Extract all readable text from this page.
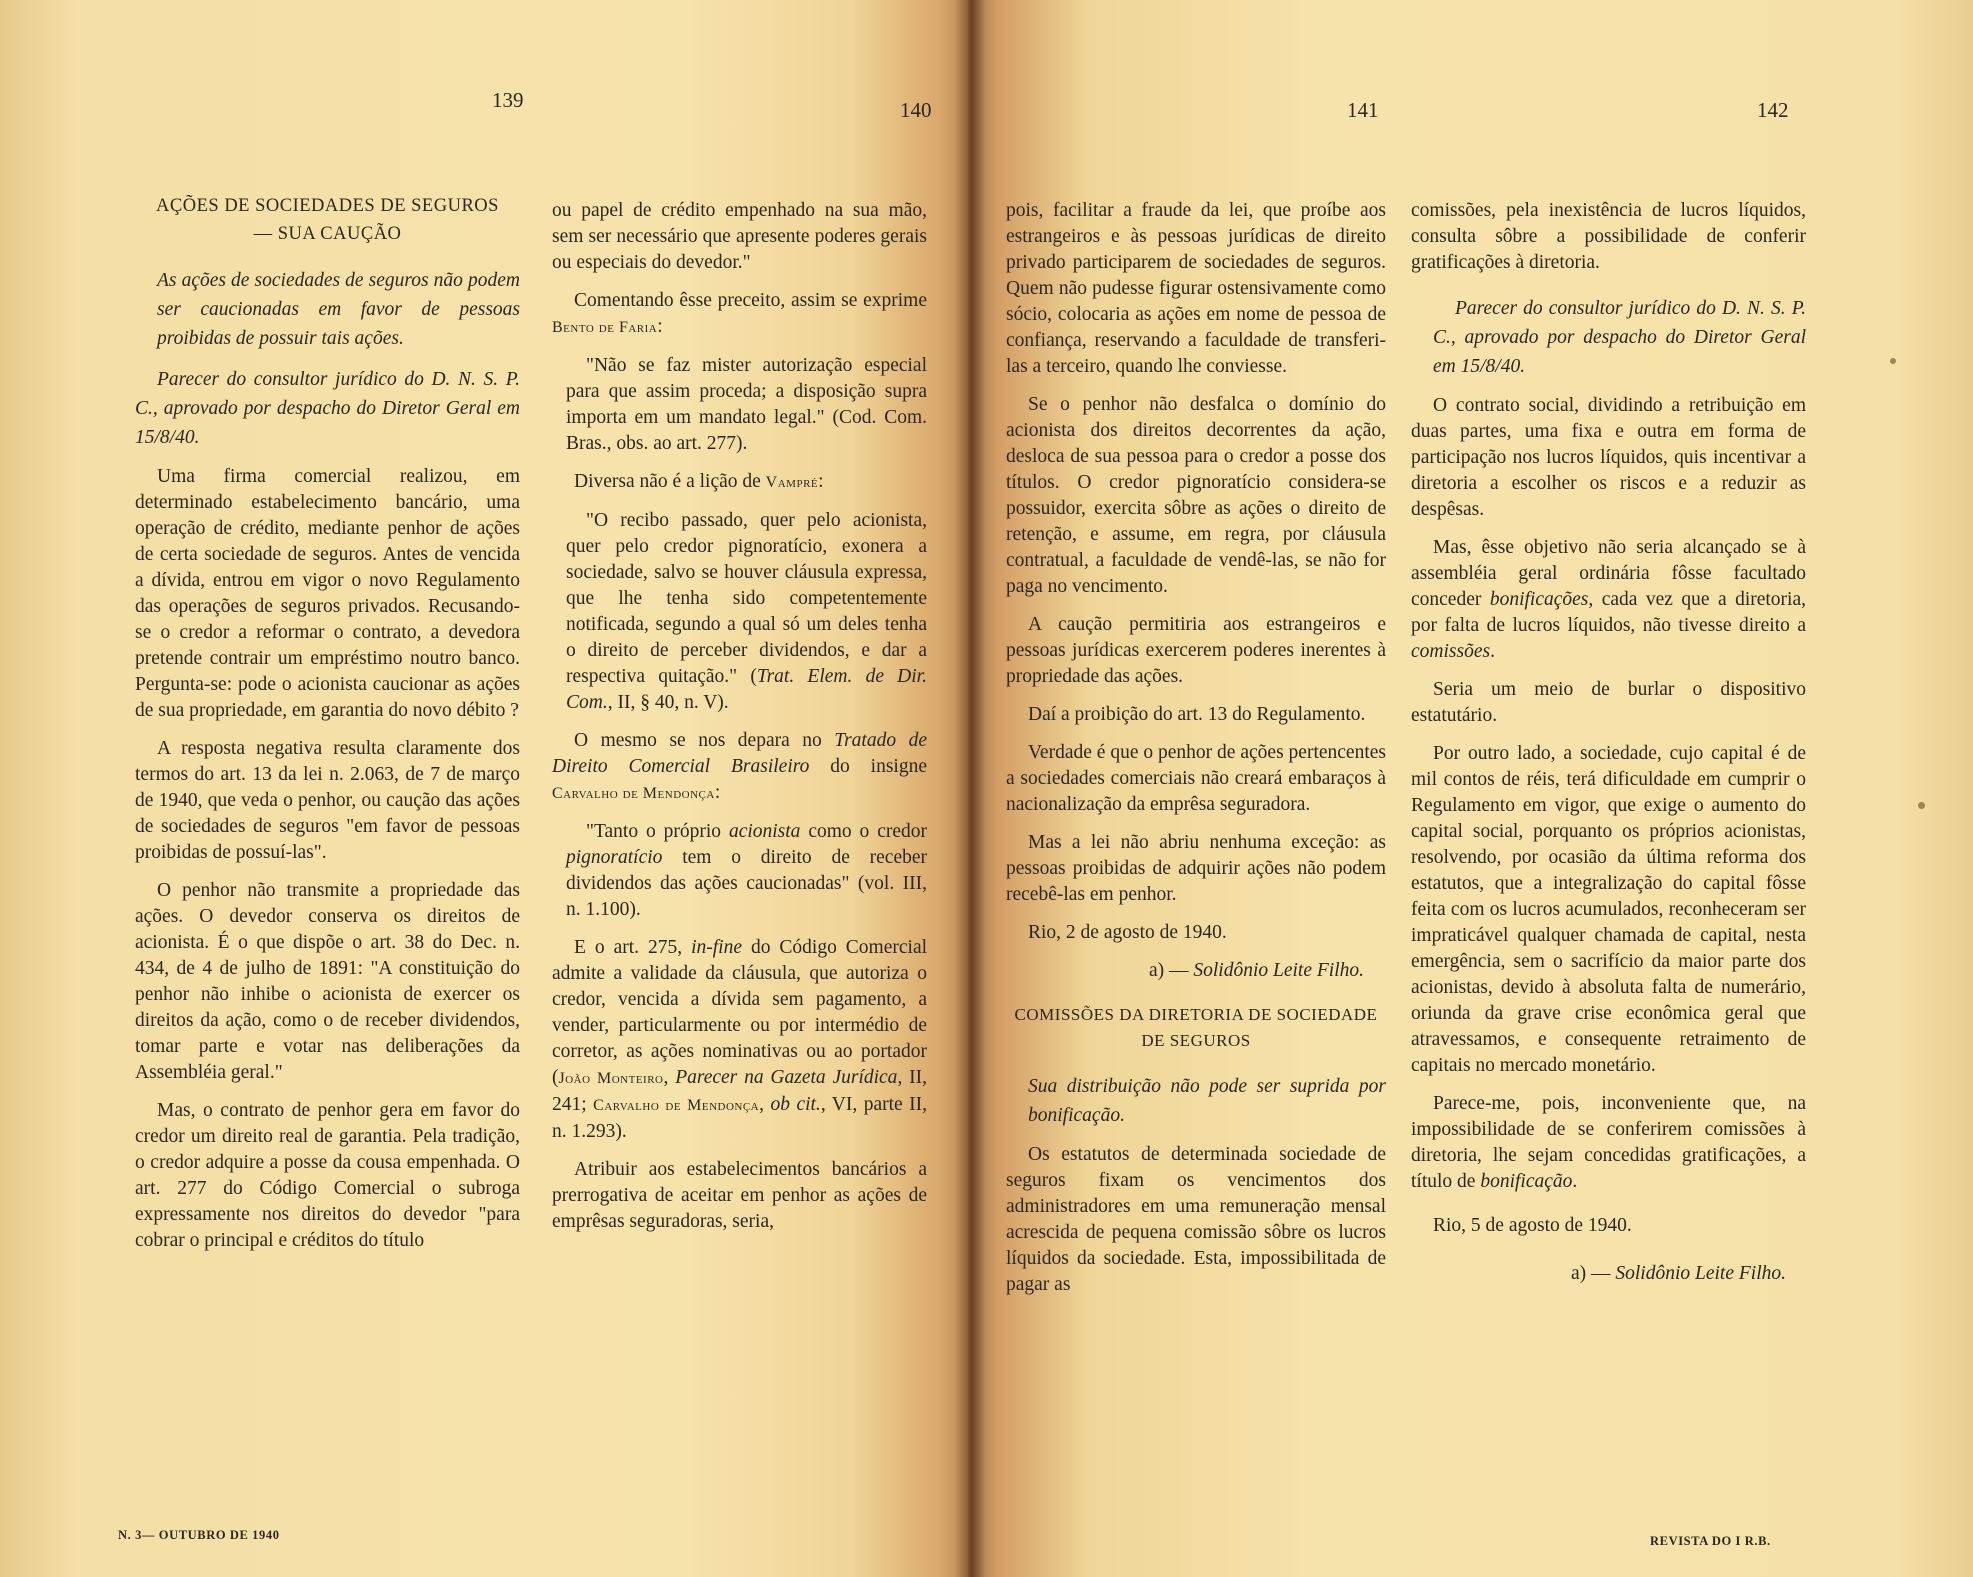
139	140	141	142
AÇÕES DE SOCIEDADES DE SEGUROS
— SUA CAUÇÃO

As ações de sociedades de seguros não podem ser caucionadas em favor de pessoas proibidas de possuir tais ações.

Parecer do consultor jurídico do D. N. S. P. C., aprovado por despacho do Diretor Geral em 15/8/40.

Uma firma comercial realizou, em determinado estabelecimento bancário, uma operação de crédito, mediante penhor de ações de certa sociedade de seguros. Antes de vencida a dívida, entrou em vigor o novo Regulamento das operações de seguros privados. Recusando-se o credor a reformar o contrato, a devedora pretende contrair um empréstimo noutro banco. Pergunta-se: pode o acionista caucionar as ações de sua propriedade, em garantia do novo débito ?

A resposta negativa resulta claramente dos termos do art. 13 da lei n. 2.063, de 7 de março de 1940, que veda o penhor, ou caução das ações de sociedades de seguros "em favor de pessoas proibidas de possuí-las".

O penhor não transmite a propriedade das ações. O devedor conserva os direitos de acionista. É o que dispõe o art. 38 do Dec. n. 434, de 4 de julho de 1891: "A constituição do penhor não inhibe o acionista de exercer os direitos da ação, como o de receber dividendos, tomar parte e votar nas deliberações da Assembléia geral."

Mas, o contrato de penhor gera em favor do credor um direito real de garantia. Pela tradição, o credor adquire a posse da cousa empenhada. O art. 277 do Código Comercial o subroga expressamente nos direitos do devedor "para cobrar o principal e créditos do título

ou papel de crédito empenhado na sua mão, sem ser necessário que apresente poderes gerais ou especiais do devedor."

Comentando êsse preceito, assim se exprime Bento de Faria:

"Não se faz mister autorização especial para que assim proceda; a disposição supra importa em um mandato legal." (Cod. Com. Bras., obs. ao art. 277).

Diversa não é a lição de Vampré:

"O recibo passado, quer pelo acionista, quer pelo credor pignoratício, exonera a sociedade, salvo se houver cláusula expressa, que lhe tenha sido competentemente notificada, segundo a qual só um deles tenha o direito de perceber dividendos, e dar a respectiva quitação." (Trat. Elem. de Dir. Com., II, § 40, n. V).

O mesmo se nos depara no Tratado de Direito Comercial Brasileiro do insigne Carvalho de Mendonça:

"Tanto o próprio acionista como o credor pignoratício tem o direito de receber dividendos das ações caucionadas" (vol. III, n. 1.100).

E o art. 275, in-fine do Código Comercial admite a validade da cláusula, que autoriza o credor, vencida a dívida sem pagamento, a vender, particularmente ou por intermédio de corretor, as ações nominativas ou ao portador (João Monteiro, Parecer na Gazeta Jurídica, II, 241; Carvalho de Mendonça, ob cit., VI, parte II, n. 1.293).

Atribuir aos estabelecimentos bancários a prerrogativa de aceitar em penhor as ações de emprêsas seguradoras, seria,

pois, facilitar a fraude da lei, que proíbe aos estrangeiros e às pessoas jurídicas de direito privado participarem de sociedades de seguros. Quem não pudesse figurar ostensivamente como sócio, colocaria as ações em nome de pessoa de confiança, reservando a faculdade de transferi-las a terceiro, quando lhe conviesse.

Se o penhor não desfalca o domínio do acionista dos direitos decorrentes da ação, desloca de sua pessoa para o credor a posse dos títulos. O credor pignoratício considera-se possuidor, exercita sôbre as ações o direito de retenção, e assume, em regra, por cláusula contratual, a faculdade de vendê-las, se não for paga no vencimento.

A caução permitiria aos estrangeiros e pessoas jurídicas exercerem poderes inerentes à propriedade das ações.

Daí a proibição do art. 13 do Regulamento.

Verdade é que o penhor de ações pertencentes a sociedades comerciais não creará embaraços à nacionalização da emprêsa seguradora.

Mas a lei não abriu nenhuma exceção: as pessoas proibidas de adquirir ações não podem recebê-las em penhor.

Rio, 2 de agosto de 1940.

a) — Solidônio Leite Filho.

COMISSÕES DA DIRETORIA DE SOCIEDADE DE SEGUROS

Sua distribuição não pode ser suprida por bonificação.

Os estatutos de determinada sociedade de seguros fixam os vencimentos dos administradores em uma remuneração mensal acrescida de pequena comissão sôbre os lucros líquidos da sociedade. Esta, impossibilitada de pagar as

comissões, pela inexistência de lucros líquidos, consulta sôbre a possibilidade de conferir gratificações à diretoria.

Parecer do consultor jurídico do D. N. S. P. C., aprovado por despacho do Diretor Geral em 15/8/40.

O contrato social, dividindo a retribuição em duas partes, uma fixa e outra em forma de participação nos lucros líquidos, quis incentivar a diretoria a escolher os riscos e a reduzir as despêsas.

Mas, êsse objetivo não seria alcançado se à assembléia geral ordinária fôsse facultado conceder bonificações, cada vez que a diretoria, por falta de lucros líquidos, não tivesse direito a comissões.

Seria um meio de burlar o dispositivo estatutário.

Por outro lado, a sociedade, cujo capital é de mil contos de réis, terá dificuldade em cumprir o Regulamento em vigor, que exige o aumento do capital social, porquanto os próprios acionistas, resolvendo, por ocasião da última reforma dos estatutos, que a integralização do capital fôsse feita com os lucros acumulados, reconheceram ser impraticável qualquer chamada de capital, nesta emergência, sem o sacrifício da maior parte dos acionistas, devido à absoluta falta de numerário, oriunda da grave crise econômica geral que atravessamos, e consequente retraimento de capitais no mercado monetário.

Parece-me, pois, inconveniente que, na impossibilidade de se conferirem comissões à diretoria, lhe sejam concedidas gratificações, a título de bonificação.

Rio, 5 de agosto de 1940.

a) — Solidônio Leite Filho.

N. 3— OUTUBRO DE 1940	REVISTA DO I R.B.
